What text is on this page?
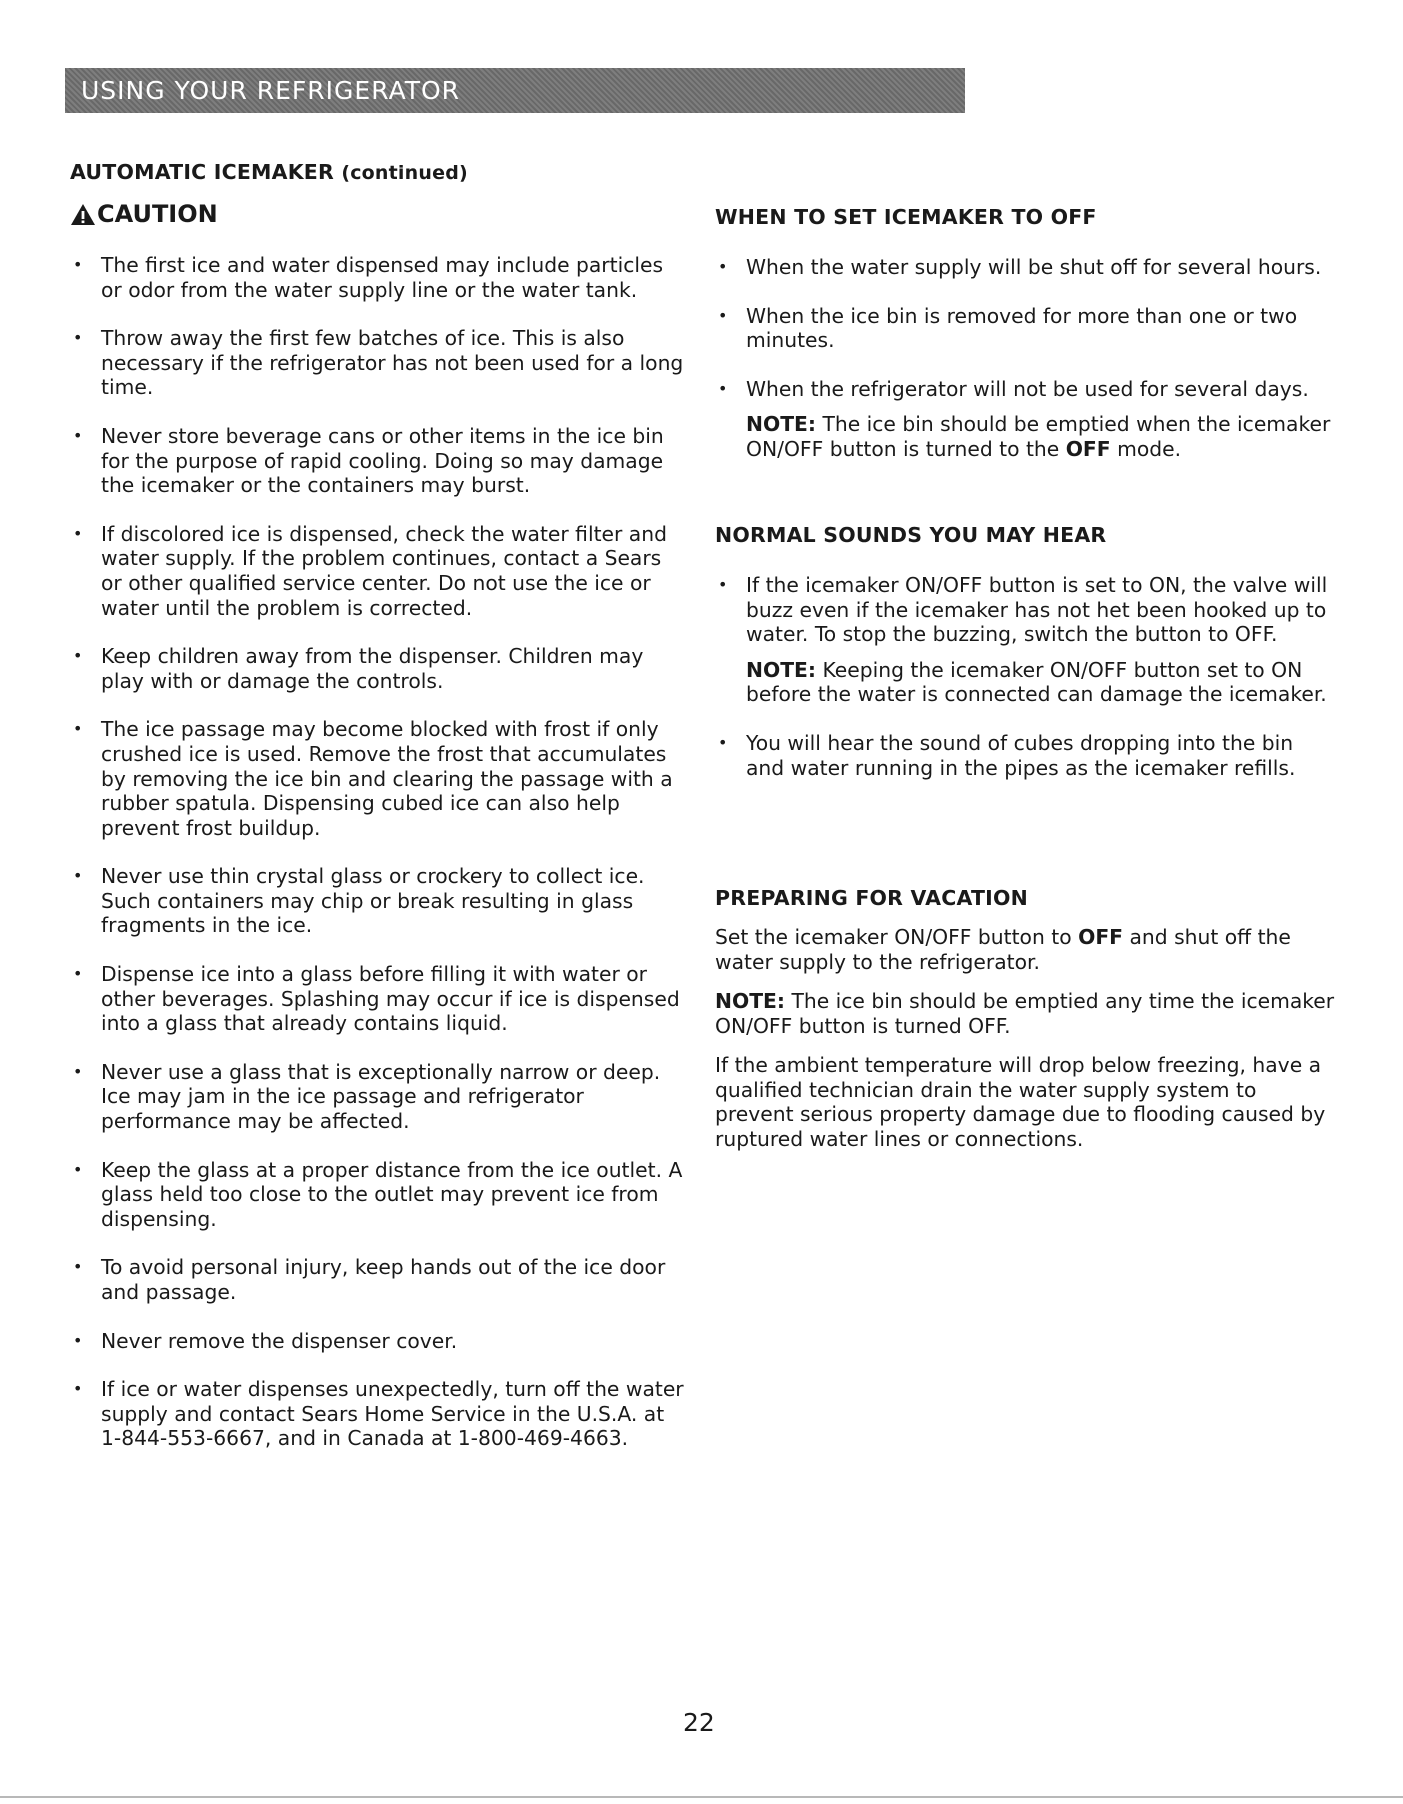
USING YOUR REFRIGERATOR
AUTOMATIC ICEMAKER (continued)
CAUTION
• The first ice and water dispensed may include particles or odor from the water supply line or the water tank.
• Throw away the first few batches of ice. This is also necessary if the refrigerator has not been used for a long time.
• Never store beverage cans or other items in the ice bin for the purpose of rapid cooling. Doing so may damage the icemaker or the containers may burst.
• If discolored ice is dispensed, check the water filter and water supply. If the problem continues, contact a Sears or other qualified service center. Do not use the ice or water until the problem is corrected.
• Keep children away from the dispenser. Children may play with or damage the controls.
• The ice passage may become blocked with frost if only crushed ice is used. Remove the frost that accumulates by removing the ice bin and clearing the passage with a rubber spatula. Dispensing cubed ice can also help prevent frost buildup.
• Never use thin crystal glass or crockery to collect ice. Such containers may chip or break resulting in glass fragments in the ice.
• Dispense ice into a glass before filling it with water or other beverages. Splashing may occur if ice is dispensed into a glass that already contains liquid.
• Never use a glass that is exceptionally narrow or deep. Ice may jam in the ice passage and refrigerator performance may be affected.
• Keep the glass at a proper distance from the ice outlet. A glass held too close to the outlet may prevent ice from dispensing.
• To avoid personal injury, keep hands out of the ice door and passage.
• Never remove the dispenser cover.
• If ice or water dispenses unexpectedly, turn off the water supply and contact Sears Home Service in the U.S.A. at 1-844-553-6667, and in Canada at 1-800-469-4663.
WHEN TO SET ICEMAKER TO OFF
• When the water supply will be shut off for several hours.
• When the ice bin is removed for more than one or two minutes.
• When the refrigerator will not be used for several days.
NOTE: The ice bin should be emptied when the icemaker ON/OFF button is turned to the OFF mode.
NORMAL SOUNDS YOU MAY HEAR
• If the icemaker ON/OFF button is set to ON, the valve will buzz even if the icemaker has not het been hooked up to water. To stop the buzzing, switch the button to OFF.
NOTE: Keeping the icemaker ON/OFF button set to ON before the water is connected can damage the icemaker.
• You will hear the sound of cubes dropping into the bin and water running in the pipes as the icemaker refills.
PREPARING FOR VACATION

Set the icemaker ON/OFF button to OFF and shut off the water supply to the refrigerator.

NOTE: The ice bin should be emptied any time the icemaker ON/OFF button is turned OFF.

If the ambient temperature will drop below freezing, have a qualified technician drain the water supply system to prevent serious property damage due to flooding caused by ruptured water lines or connections.

22
